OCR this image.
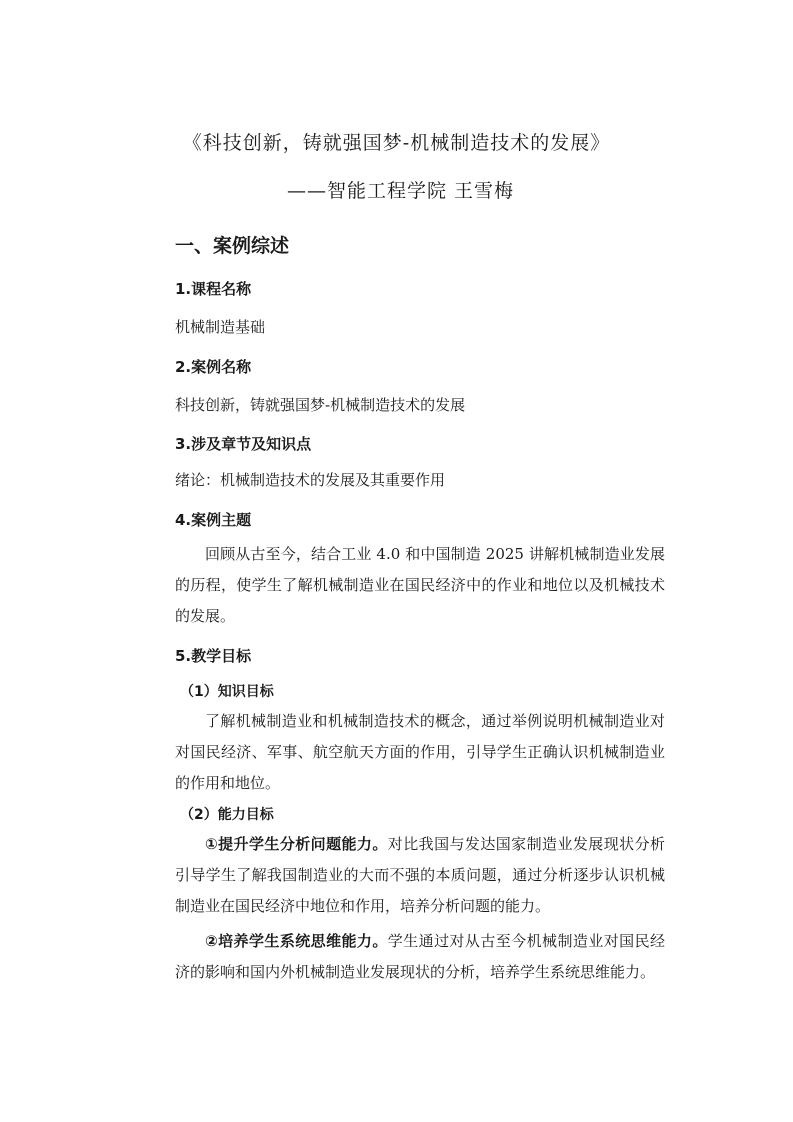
《科技创新，铸就强国梦-机械制造技术的发展》
——智能工程学院 王雪梅
一、案例综述
1.课程名称
机械制造基础
2.案例名称
科技创新，铸就强国梦-机械制造技术的发展
3.涉及章节及知识点
绪论：机械制造技术的发展及其重要作用
4.案例主题
回顾从古至今，结合工业 4.0 和中国制造 2025 讲解机械制造业发展的历程，使学生了解机械制造业在国民经济中的作业和地位以及机械技术的发展。
5.教学目标
（1）知识目标
了解机械制造业和机械制造技术的概念，通过举例说明机械制造业对对国民经济、军事、航空航天方面的作用，引导学生正确认识机械制造业的作用和地位。
（2）能力目标
①提升学生分析问题能力。对比我国与发达国家制造业发展现状分析引导学生了解我国制造业的大而不强的本质问题，通过分析逐步认识机械制造业在国民经济中地位和作用，培养分析问题的能力。
②培养学生系统思维能力。学生通过对从古至今机械制造业对国民经济的影响和国内外机械制造业发展现状的分析，培养学生系统思维能力。
